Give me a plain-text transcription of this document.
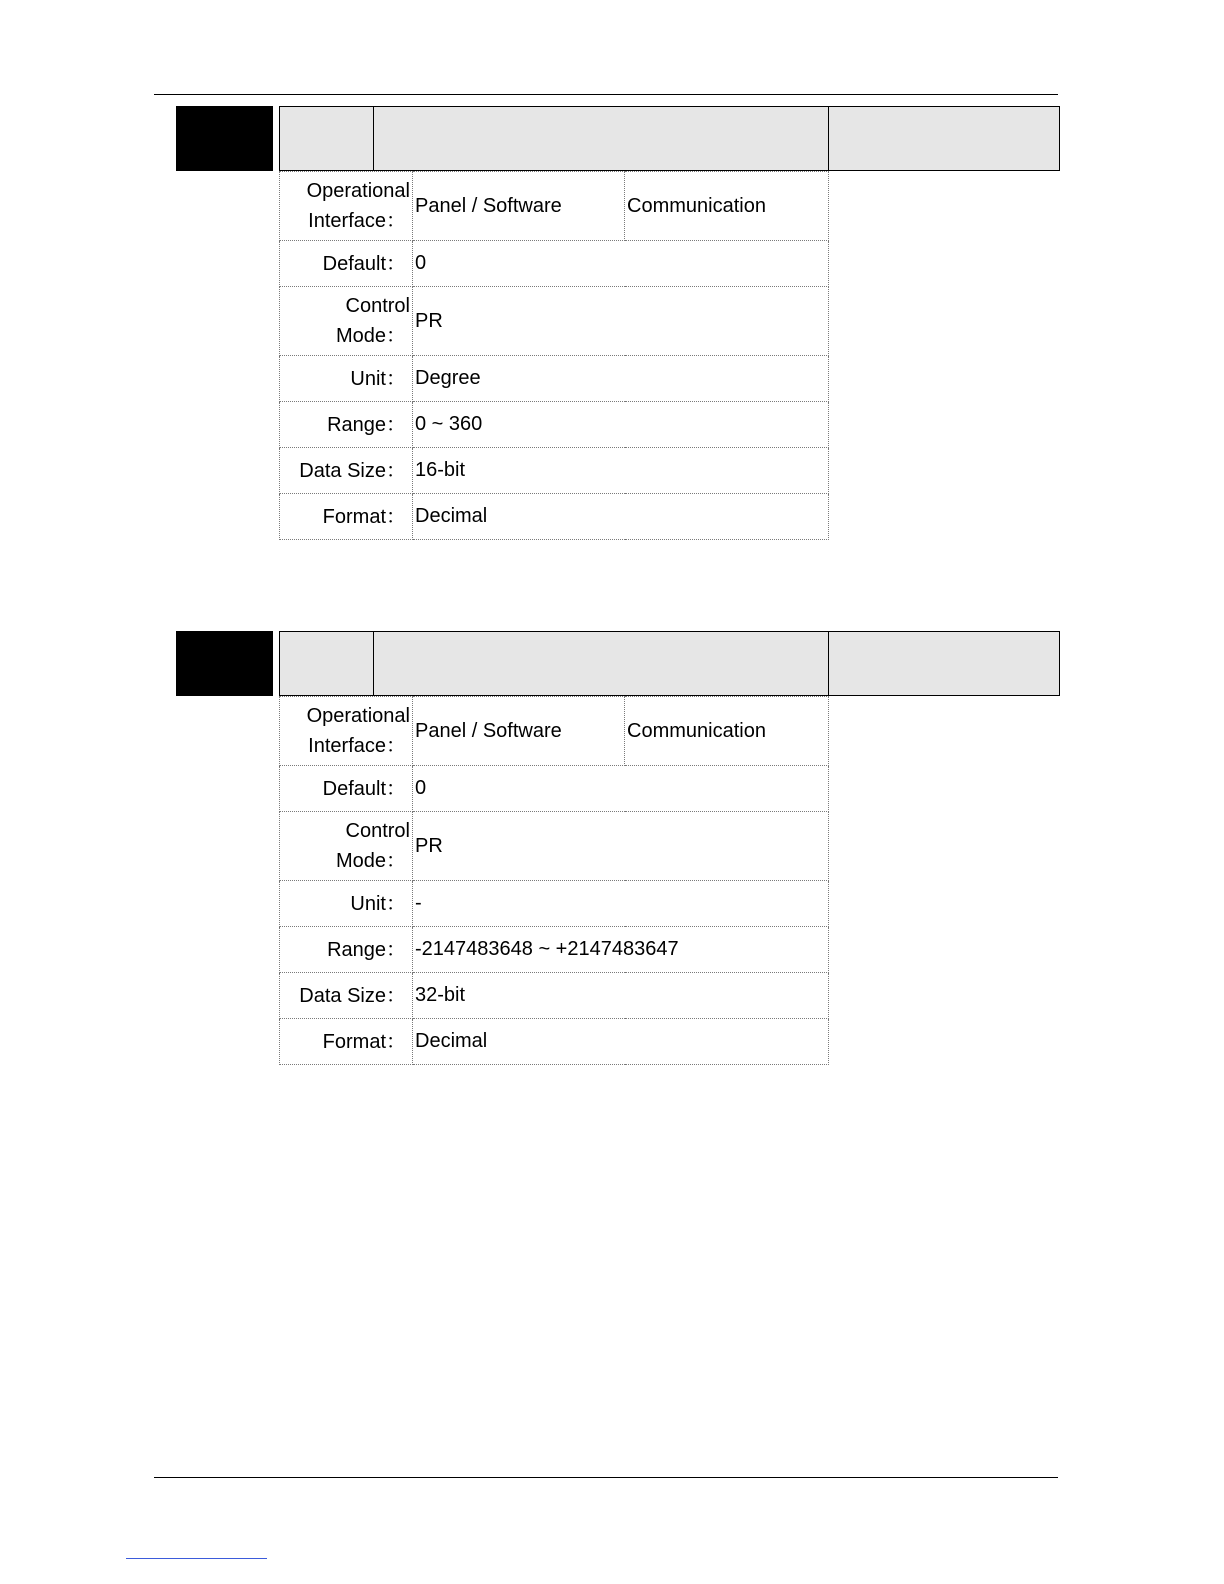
Operational
Interface：	Panel / Software	Communication
Default：	0	

Control
Mode：	PR	
Unit：	Degree	
Range：	0 ~ 360	
Data Size：	16-bit	
Format：	Decimal	
Operational
Interface：	Panel / Software	Communication
Default：	0	

Control
Mode：	PR	
Unit：	-	
Range：	-2147483648 ~ +2147483647	
Data Size：	32-bit	
Format：	Decimal	
